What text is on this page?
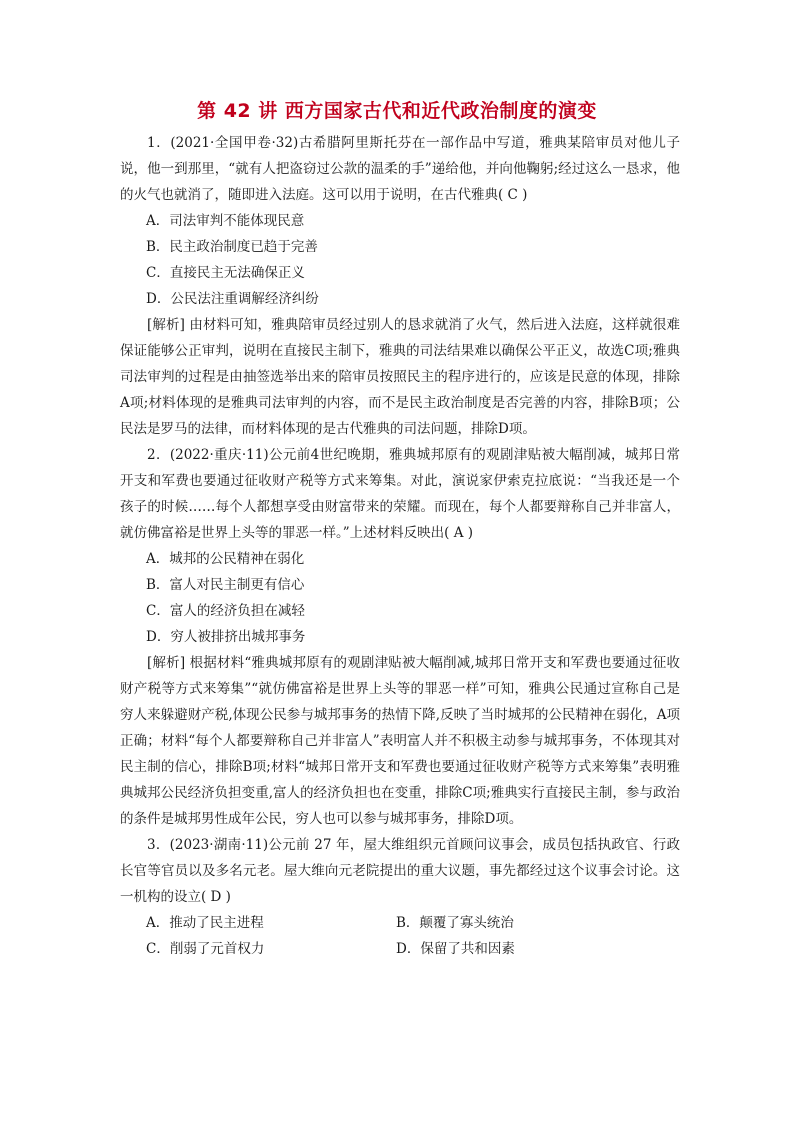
第 42 讲 西方国家古代和近代政治制度的演变

1．(2021·全国甲卷·32)古希腊阿里斯托芬在一部作品中写道，雅典某陪审员对他儿子说，他一到那里，“就有人把盗窃过公款的温柔的手”递给他，并向他鞠躬;经过这么一恳求，他的火气也就消了，随即进入法庭。这可以用于说明，在古代雅典( C )

A．司法审判不能体现民意

B．民主政治制度已趋于完善

C．直接民主无法确保正义

D．公民法注重调解经济纠纷

[解析] 由材料可知，雅典陪审员经过别人的恳求就消了火气，然后进入法庭，这样就很难保证能够公正审判，说明在直接民主制下，雅典的司法结果难以确保公平正义，故选C项;雅典司法审判的过程是由抽签选举出来的陪审员按照民主的程序进行的，应该是民意的体现，排除A项;材料体现的是雅典司法审判的内容，而不是民主政治制度是否完善的内容，排除B项；公民法是罗马的法律，而材料体现的是古代雅典的司法问题，排除D项。

2．(2022·重庆·11)公元前4世纪晚期，雅典城邦原有的观剧津贴被大幅削减，城邦日常开支和军费也要通过征收财产税等方式来筹集。对此，演说家伊索克拉底说：“当我还是一个孩子的时候……每个人都想享受由财富带来的荣耀。而现在，每个人都要辩称自己并非富人，就仿佛富裕是世界上头等的罪恶一样。”上述材料反映出( A )

A．城邦的公民精神在弱化

B．富人对民主制更有信心

C．富人的经济负担在减轻

D．穷人被排挤出城邦事务

[解析] 根据材料“雅典城邦原有的观剧津贴被大幅削减,城邦日常开支和军费也要通过征收财产税等方式来筹集”“就仿佛富裕是世界上头等的罪恶一样”可知，雅典公民通过宣称自己是穷人来躲避财产税,体现公民参与城邦事务的热情下降,反映了当时城邦的公民精神在弱化，A项正确；材料“每个人都要辩称自己并非富人”表明富人并不积极主动参与城邦事务，不体现其对民主制的信心，排除B项;材料“城邦日常开支和军费也要通过征收财产税等方式来筹集”表明雅典城邦公民经济负担变重,富人的经济负担也在变重，排除C项;雅典实行直接民主制，参与政治的条件是城邦男性成年公民，穷人也可以参与城邦事务，排除D项。

3．(2023·湖南·11)公元前 27 年，屋大维组织元首顾问议事会，成员包括执政官、行政长官等官员以及多名元老。屋大维向元老院提出的重大议题，事先都经过这个议事会讨论。这一机构的设立( D )

A．推动了民主进程	B．颠覆了寡头统治

C．削弱了元首权力	D．保留了共和因素
